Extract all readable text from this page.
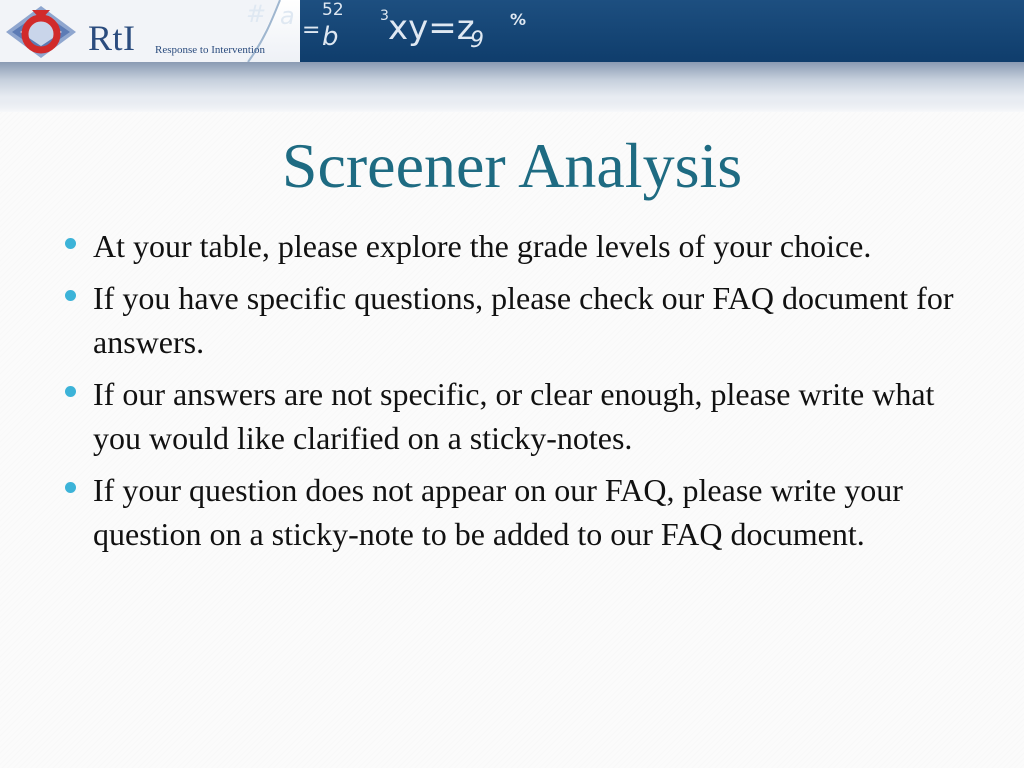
RtI Response to Intervention
# a
= b
52	3 xy=z
9
%
Screener Analysis
At your table, please explore the grade levels of your choice.
If you have specific questions, please check our FAQ document for answers.
If our answers are not specific, or clear enough, please write what you would like clarified on a sticky-notes.
If your question does not appear on our FAQ, please write your question on a sticky-note to be added to our FAQ document.
